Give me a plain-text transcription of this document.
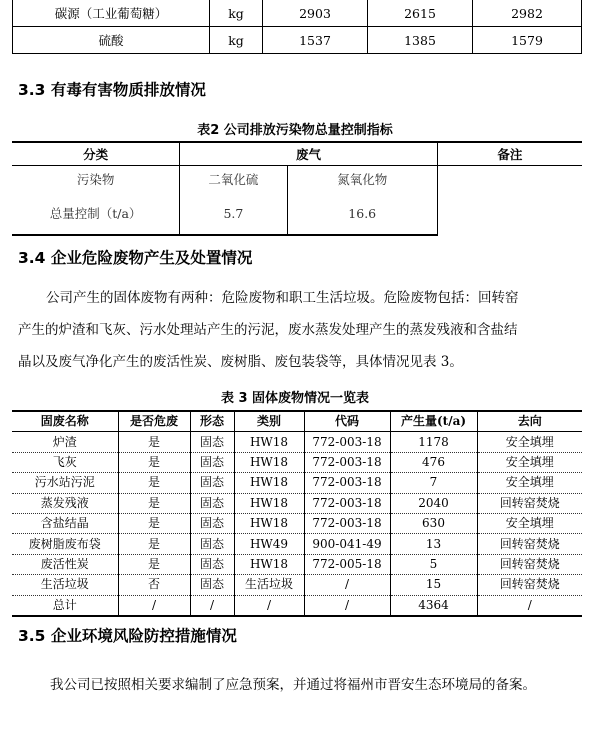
碳源（工业葡萄糖）	kg	2903	2615	2982
硫酸	kg	1537	1385	1579
3.3 有毒有害物质排放情况
表2 公司排放污染物总量控制指标
分类	废气		备注
污染物	二氧化硫	氮氧化物	
总量控制（t/a）	5.7	16.6	
3.4 企业危险废物产生及处置情况
公司产生的固体废物有两种：危险废物和职工生活垃圾。危险废物包括：回转窑
产生的炉渣和飞灰、污水处理站产生的污泥，废水蒸发处理产生的蒸发残液和含盐结
晶以及废气净化产生的废活性炭、废树脂、废包装袋等，具体情况见表 3。
表 3 固体废物情况一览表
固废名称	是否危废	形态	类别	代码	产生量(t/a)	去向
炉渣	是	固态	HW18	772-003-18	1178	安全填埋
飞灰	是	固态	HW18	772-003-18	476	安全填埋
污水站污泥	是	固态	HW18	772-003-18	7	安全填埋
蒸发残液	是	固态	HW18	772-003-18	2040	回转窑焚烧
含盐结晶	是	固态	HW18	772-003-18	630	安全填埋
废树脂废布袋	是	固态	HW49	900-041-49	13	回转窑焚烧
废活性炭	是	固态	HW18	772-005-18	5	回转窑焚烧
生活垃圾	否	固态	生活垃圾	/	15	回转窑焚烧
总计	/	/	/	/	4364	/
3.5 企业环境风险防控措施情况
我公司已按照相关要求编制了应急预案，并通过将福州市晋安生态环境局的备案。
